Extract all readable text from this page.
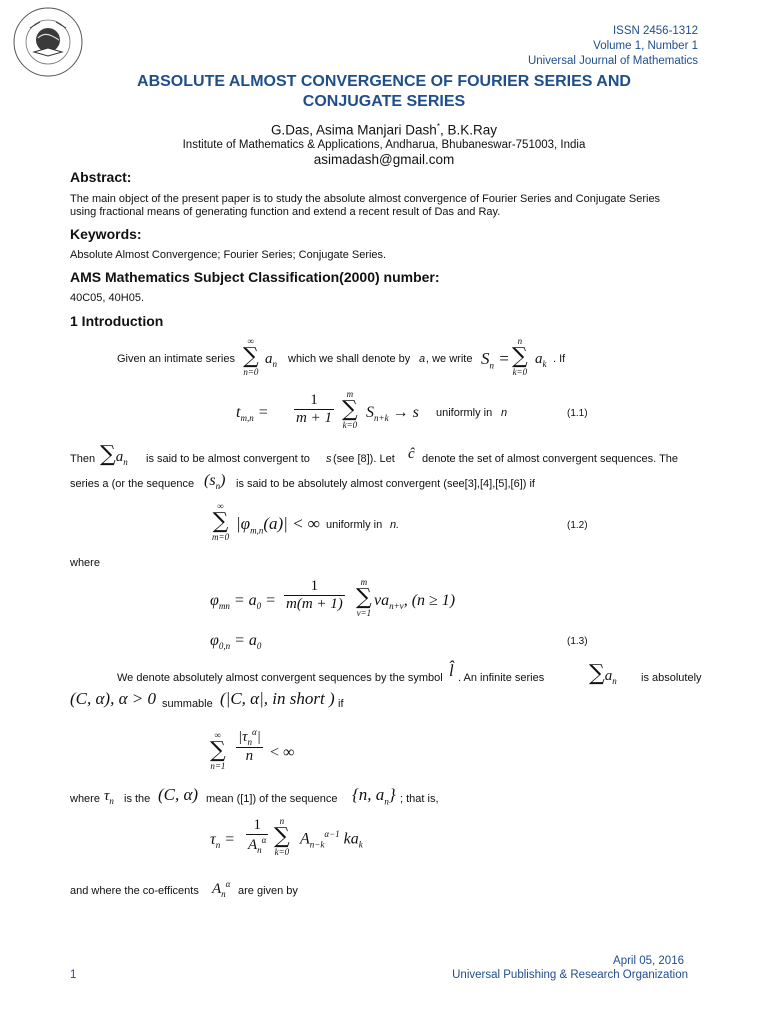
ISSN 2456-1312
Volume 1, Number 1
Universal Journal of Mathematics
ABSOLUTE ALMOST CONVERGENCE OF FOURIER SERIES AND
CONJUGATE SERIES
G.Das, Asima Manjari Dash*, B.K.Ray
Institute of Mathematics & Applications, Andharua, Bhubaneswar-751003, India
asimadash@gmail.com
Abstract:
The main object of the present paper is to study the absolute almost convergence of Fourier Series and Conjugate Series
using fractional means of generating function and extend a recent result of Das and Ray.
Keywords:
Absolute Almost Convergence; Fourier Series; Conjugate Series.
AMS Mathematics Subject Classification(2000) number:
40C05, 40H05.
1 Introduction
Given an intimate series
∞
∑
n=0
$a_n$ which we shall denote by a , we write $S_n$ =
n
∑
k=0
$a_k$ . If
$t_{m,n} = \frac{1}{m + 1}$	m
∑
k=0
$S_{n+k} \to s$ uniformly in n	(1.1)
Then $\sum a_n$ is said to be almost convergent to s (see [8]). Let ĉ denote the set of almost convergent sequences. The
series a (or the sequence $(s_n)$ is said to be absolutely almost convergent (see[3],[4],[5],[6]) if
∞
∑
m=0
$|\varphi_{m,n}(a)|$ < ∞ uniformly in n.	(1.2)
where
$\varphi_{mn} = a_0 = \frac{1}{m(m + 1)}$	m
∑
ν=1
$\nu a_{n+\nu}$, (n ≥ 1)
$\varphi_{0,n} = a_0$	(1.3)
We denote absolutely almost convergent sequences by the symbol l̂ . An infinite series $\sum a_n$ is absolutely
(C, α), α > 0 summable (|C, α|, in short ) if
∞
∑
n=1
$|\tau_n^\alpha|$
n	< ∞
where $\tau_n$ is the (C, α) mean ([1]) of the sequence {n, $a_n$} ; that is,
$\tau_n$ =
1
$A_n^\alpha$
n
∑
k=0
$A_{n-k}^{\alpha-1}$ $ka_k$
and where the co-efficents $A_n^\alpha$
are given by
April 05, 2016
1	Universal Publishing & Research Organization
